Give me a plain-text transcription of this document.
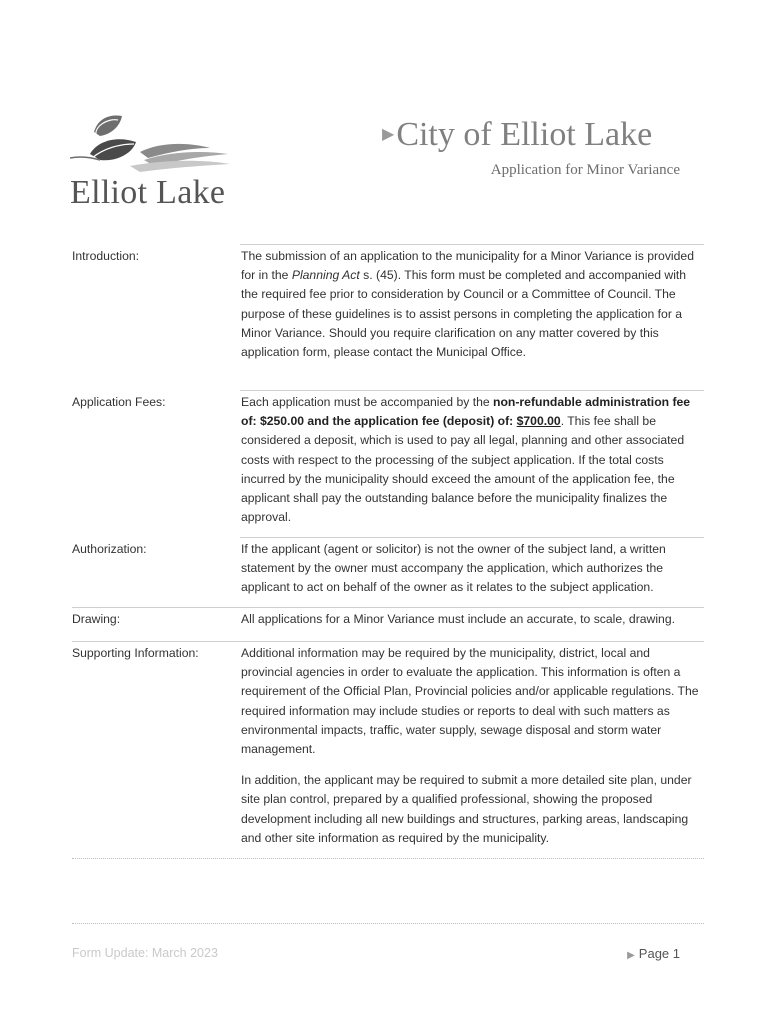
Elliot Lake
▶City of Elliot Lake
Application for Minor Variance
Introduction:	The submission of an application to the municipality for a Minor Variance is provided for in the Planning Act s. (45). This form must be completed and accompanied with the required fee prior to consideration by Council or a Committee of Council. The purpose of these guidelines is to assist persons in completing the application for a Minor Variance. Should you require clarification on any matter covered by this application form, please contact the Municipal Office.
Application Fees:	Each application must be accompanied by the non-refundable administration fee of: $250.00 and the application fee (deposit) of: $700.00. This fee shall be considered a deposit, which is used to pay all legal, planning and other associated costs with respect to the processing of the subject application. If the total costs incurred by the municipality should exceed the amount of the application fee, the applicant shall pay the outstanding balance before the municipality finalizes the approval.
Authorization:	If the applicant (agent or solicitor) is not the owner of the subject land, a written statement by the owner must accompany the application, which authorizes the applicant to act on behalf of the owner as it relates to the subject application.
Drawing:	All applications for a Minor Variance must include an accurate, to scale, drawing.
Supporting Information:	Additional information may be required by the municipality, district, local and provincial agencies in order to evaluate the application. This information is often a requirement of the Official Plan, Provincial policies and/or applicable regulations. The required information may include studies or reports to deal with such matters as environmental impacts, traffic, water supply, sewage disposal and storm water management.

In addition, the applicant may be required to submit a more detailed site plan, under site plan control, prepared by a qualified professional, showing the proposed development including all new buildings and structures, parking areas, landscaping and other site information as required by the municipality.

Form Update: March 2023	▶ Page 1
